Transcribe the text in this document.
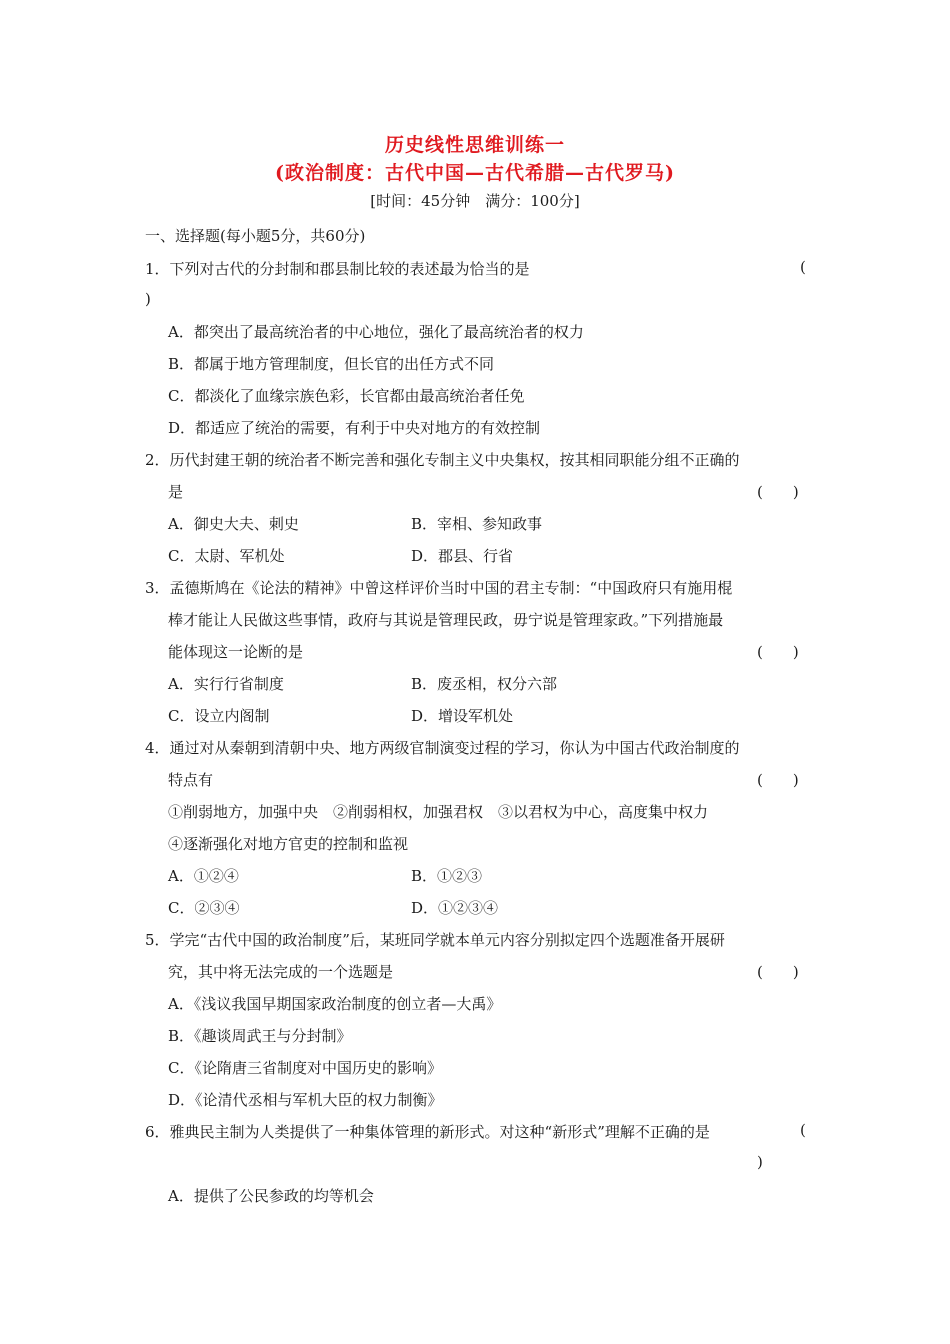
历史线性思维训练一
(政治制度：古代中国—古代希腊—古代罗马)
[时间：45分钟　满分：100分]
一、选择题(每小题5分，共60分)
1．下列对古代的分封制和郡县制比较的表述最为恰当的是	(
)
A．都突出了最高统治者的中心地位，强化了最高统治者的权力
B．都属于地方管理制度，但长官的出任方式不同
C．都淡化了血缘宗族色彩，长官都由最高统治者任免
D．都适应了统治的需要，有利于中央对地方的有效控制
2．历代封建王朝的统治者不断完善和强化专制主义中央集权，按其相同职能分组不正确的
是	(　　)
A．御史大夫、刺史	B．宰相、参知政事
C．太尉、军机处	D．郡县、行省
3．孟德斯鸠在《论法的精神》中曾这样评价当时中国的君主专制：“中国政府只有施用棍
棒才能让人民做这些事情，政府与其说是管理民政，毋宁说是管理家政。”下列措施最
能体现这一论断的是	(　　)
A．实行行省制度	B．废丞相，权分六部
C．设立内阁制	D．增设军机处
4．通过对从秦朝到清朝中央、地方两级官制演变过程的学习，你认为中国古代政治制度的
特点有	(　　)
①削弱地方，加强中央　②削弱相权，加强君权　③以君权为中心，高度集中权力
④逐渐强化对地方官吏的控制和监视
A．①②④	B．①②③
C．②③④	D．①②③④
5．学完“古代中国的政治制度”后，某班同学就本单元内容分别拟定四个选题准备开展研
究，其中将无法完成的一个选题是	(　　)
A．《浅议我国早期国家政治制度的创立者—大禹》
B．《趣谈周武王与分封制》
C．《论隋唐三省制度对中国历史的影响》
D．《论清代丞相与军机大臣的权力制衡》
6．雅典民主制为人类提供了一种集体管理的新形式。对这种“新形式”理解不正确的是	(
)
A．提供了公民参政的均等机会
